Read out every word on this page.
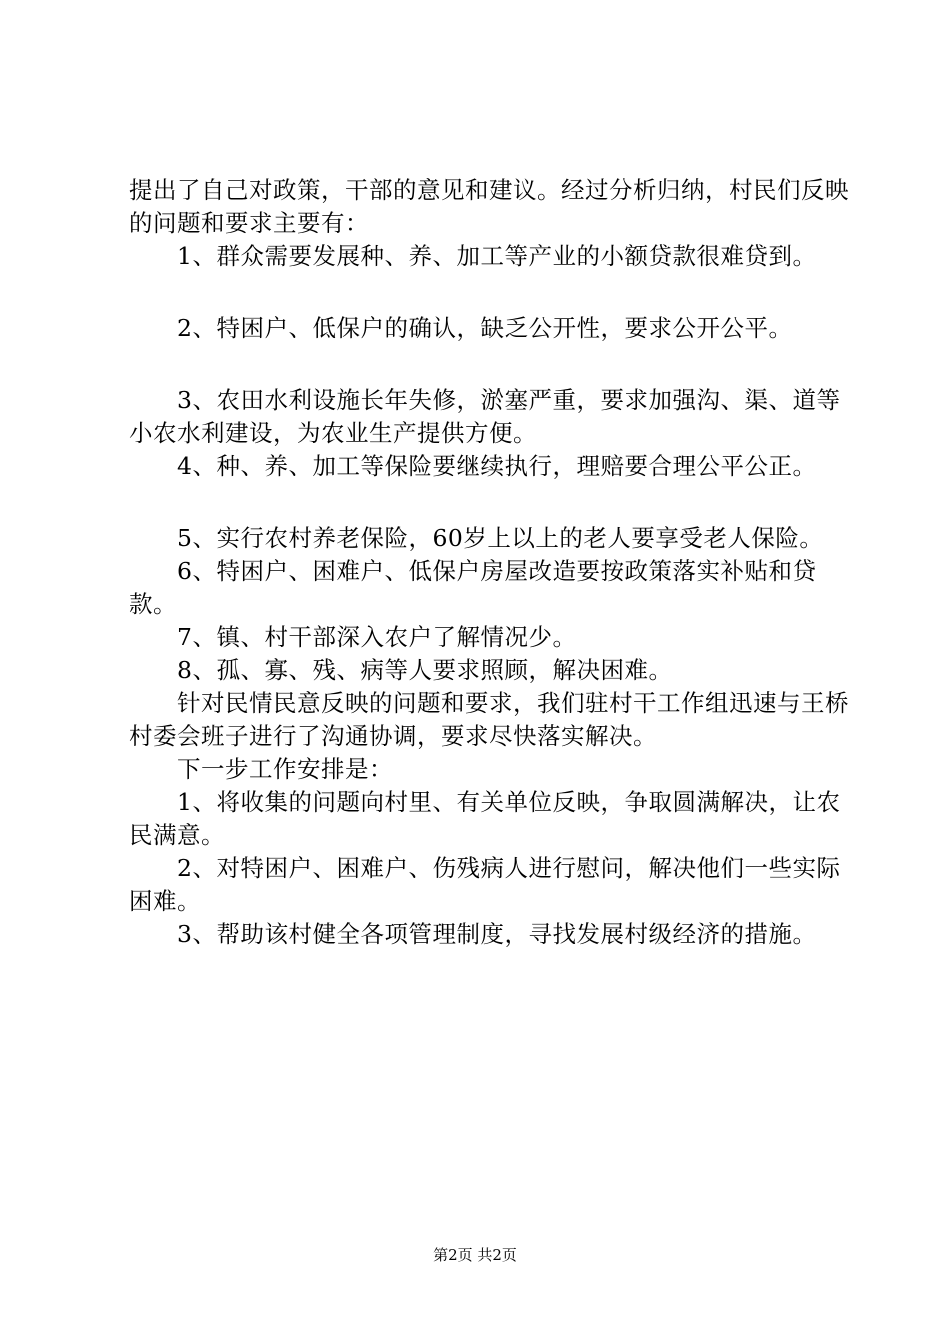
提出了自己对政策，干部的意见和建议。经过分析归纳，村民们反映的问题和要求主要有：

1、群众需要发展种、养、加工等产业的小额贷款很难贷到。

2、特困户、低保户的确认，缺乏公开性，要求公开公平。

3、农田水利设施长年失修，淤塞严重，要求加强沟、渠、道等小农水利建设，为农业生产提供方便。

4、种、养、加工等保险要继续执行，理赔要合理公平公正。

5、实行农村养老保险，60岁上以上的老人要享受老人保险。

6、特困户、困难户、低保户房屋改造要按政策落实补贴和贷款。

7、镇、村干部深入农户了解情况少。

8、孤、寡、残、病等人要求照顾，解决困难。

针对民情民意反映的问题和要求，我们驻村干工作组迅速与王桥村委会班子进行了沟通协调，要求尽快落实解决。

下一步工作安排是：

1、将收集的问题向村里、有关单位反映，争取圆满解决，让农民满意。

2、对特困户、困难户、伤残病人进行慰问，解决他们一些实际困难。

3、帮助该村健全各项管理制度，寻找发展村级经济的措施。

第2页 共2页
